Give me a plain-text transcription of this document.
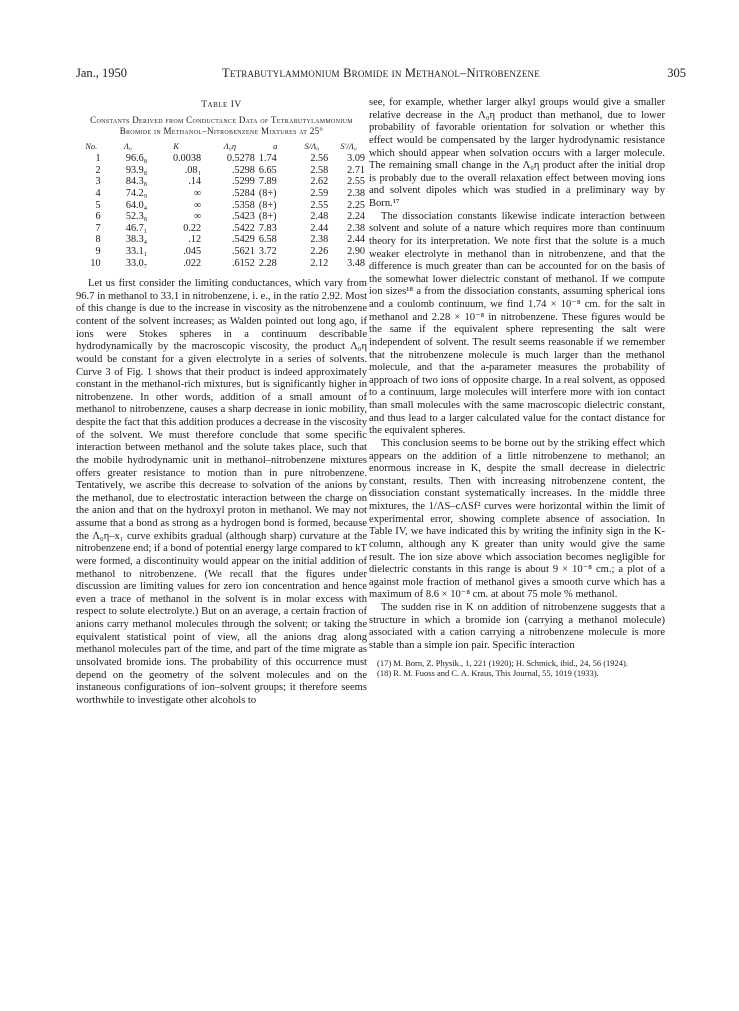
Jan., 1950	Tetrabutylammonium Bromide in Methanol–Nitrobenzene	305
Table IV
Constants Derived from Conductance Data of Tetrabutylammonium Bromide in Methanol–Nitrobenzene Mixtures at 25°
No.	Λ₀	K	Λ₀η	a	S/Λ₀	S′/Λ₀
1	96.6₈	0.0038	0.5278	1.74	2.56	3.09
2	93.9₈	.08₁	.5298	6.65	2.58	2.71
3	84.3₈	.14	.5299	7.89	2.62	2.55
4	74.2₉	∞	.5284	(8+)	2.59	2.38
5	64.0₄	∞	.5358	(8+)	2.55	2.25
6	52.3₈	∞	.5423	(8+)	2.48	2.24
7	46.7₁	0.22	.5422	7.83	2.44	2.38
8	38.3₄	.12	.5429	6.58	2.38	2.44
9	33.1₁	.045	.5621	3.72	2.26	2.90
10	33.0₇	.022	.6152	2.28	2.12	3.48

Let us first consider the limiting conductances, which vary from 96.7 in methanol to 33.1 in nitrobenzene, i. e., in the ratio 2.92. Most of this change is due to the increase in viscosity as the nitrobenzene content of the solvent increases; as Walden pointed out long ago, if ions were Stokes spheres in a continuum describable hydrodynamically by the macroscopic viscosity, the product Λ₀η would be constant for a given electrolyte in a series of solvents. Curve 3 of Fig. 1 shows that their product is indeed approximately constant in the methanol-rich mixtures, but is significantly higher in nitrobenzene. In other words, addition of a small amount of methanol to nitrobenzene, causes a sharp decrease in ionic mobility, despite the fact that this addition produces a decrease in the viscosity of the solvent. We must therefore conclude that some specific interaction between methanol and the solute takes place, such that the mobile hydrodynamic unit in methanol–nitrobenzene mixtures offers greater resistance to motion than in pure nitrobenzene. Tentatively, we ascribe this decrease to solvation of the anions by the methanol, due to electrostatic interaction between the charge on the anion and that on the hydroxyl proton in methanol. We may not assume that a bond as strong as a hydrogen bond is formed, because the Λ₀η–x₁ curve exhibits gradual (although sharp) curvature at the nitrobenzene end; if a bond of potential energy large compared to kT were formed, a discontinuity would appear on the initial addition of methanol to nitrobenzene. (We recall that the figures under discussion are limiting values for zero ion concentration and hence even a trace of methanol in the solvent is in molar excess with respect to solute electrolyte.) But on an average, a certain fraction of anions carry methanol molecules through the solvent; or taking the equivalent statistical point of view, all the anions drag along methanol molecules part of the time, and part of the time migrate as unsolvated bromide ions. The probability of this occurrence must depend on the geometry of the solvent molecules and on the instaneous configurations of ion–solvent groups; it therefore seems worthwhile to investigate other alcohols to

see, for example, whether larger alkyl groups would give a smaller relative decrease in the Λ₀η product than methanol, due to lower probability of favorable orientation for solvation or whether this effect would be compensated by the larger hydrodynamic resistance which should appear when solvation occurs with a larger molecule. The remaining small change in the Λ₀η product after the initial drop is probably due to the overall relaxation effect between moving ions and solvent dipoles which was studied in a preliminary way by Born.¹⁷

The dissociation constants likewise indicate interaction between solvent and solute of a nature which requires more than continuum theory for its interpretation. We note first that the solute is a much weaker electrolyte in methanol than in nitrobenzene, and that the difference is much greater than can be accounted for on the basis of the somewhat lower dielectric constant of methanol. If we compute ion sizes¹⁸ a from the dissociation constants, assuming spherical ions and a coulomb continuum, we find 1.74 × 10⁻⁸ cm. for the salt in methanol and 2.28 × 10⁻⁸ in nitrobenzene. These figures would be the same if the equivalent sphere representing the salt were independent of solvent. The result seems reasonable if we remember that the nitrobenzene molecule is much larger than the methanol molecule, and that the a-parameter measures the probability of approach of two ions of opposite charge. In a real solvent, as opposed to a continuum, large molecules will interfere more with ion contact than small molecules with the same macroscopic dielectric constant, and thus lead to a larger calculated value for the contact distance for the equivalent spheres.

This conclusion seems to be borne out by the striking effect which appears on the addition of a little nitrobenzene to methanol; an enormous increase in K, despite the small decrease in dielectric constant, results. Then with increasing nitrobenzene content, the dissociation constant systematically increases. In the middle three mixtures, the 1/ΛS–cΛSf² curves were horizontal within the limit of experimental error, showing complete absence of association. In Table IV, we have indicated this by writing the infinity sign in the K-column, although any K greater than unity would give the same result. The ion size above which association becomes negligible for dielectric constants in this range is about 9 × 10⁻⁸ cm.; a plot of a against mole fraction of methanol gives a smooth curve which has a maximum of 8.6 × 10⁻⁸ cm. at about 75 mole % methanol.

The sudden rise in K on addition of nitrobenzene suggests that a structure in which a bromide ion (carrying a methanol molecule) associated with a cation carrying a nitrobenzene molecule is more stable than a simple ion pair. Specific interaction

(17) M. Born, Z. Physik., 1, 221 (1920); H. Schmick, ibid., 24, 56 (1924).

(18) R. M. Fuoss and C. A. Kraus, This Journal, 55, 1019 (1933).
